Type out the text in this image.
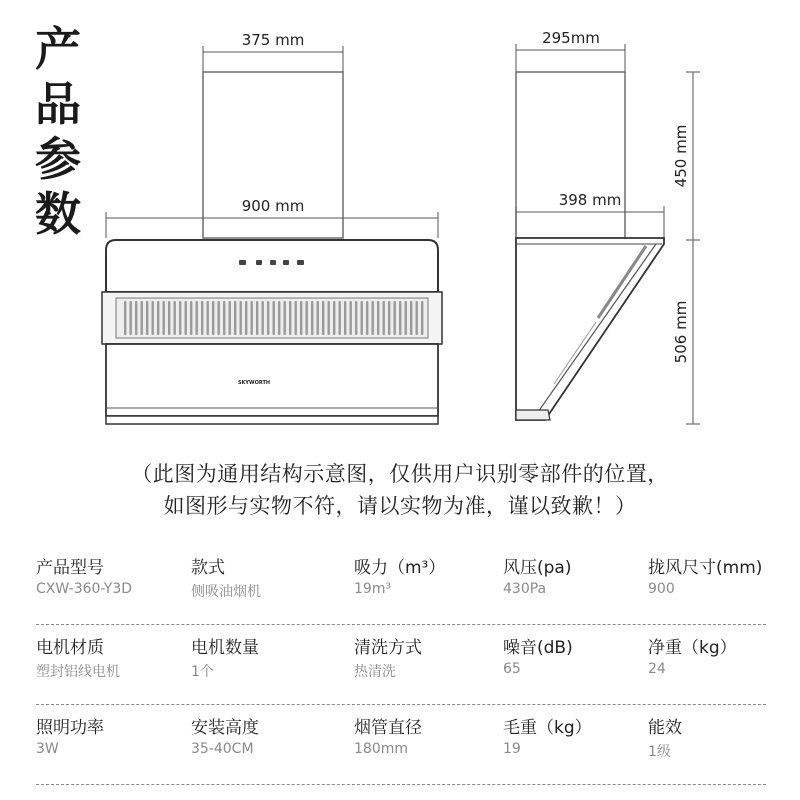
产
品
参
数
375 mm
900 mm
SKYWORTH
295mm
398 mm
450 mm
506 mm
（此图为通用结构示意图，仅供用户识别零部件的位置，
如图形与实物不符，请以实物为准，谨以致歉！）
产品型号
CXW-360-Y3D
款式
侧吸油烟机
吸力（m³）
19m³
风压(pa)
430Pa
拢风尺寸(mm)
900
电机材质
塑封铝线电机
电机数量
1个
清洗方式
热清洗
噪音(dB)
65
净重（kg）
24
照明功率
3W
安装高度
35-40CM
烟管直径
180mm
毛重（kg）
19
能效
1级
